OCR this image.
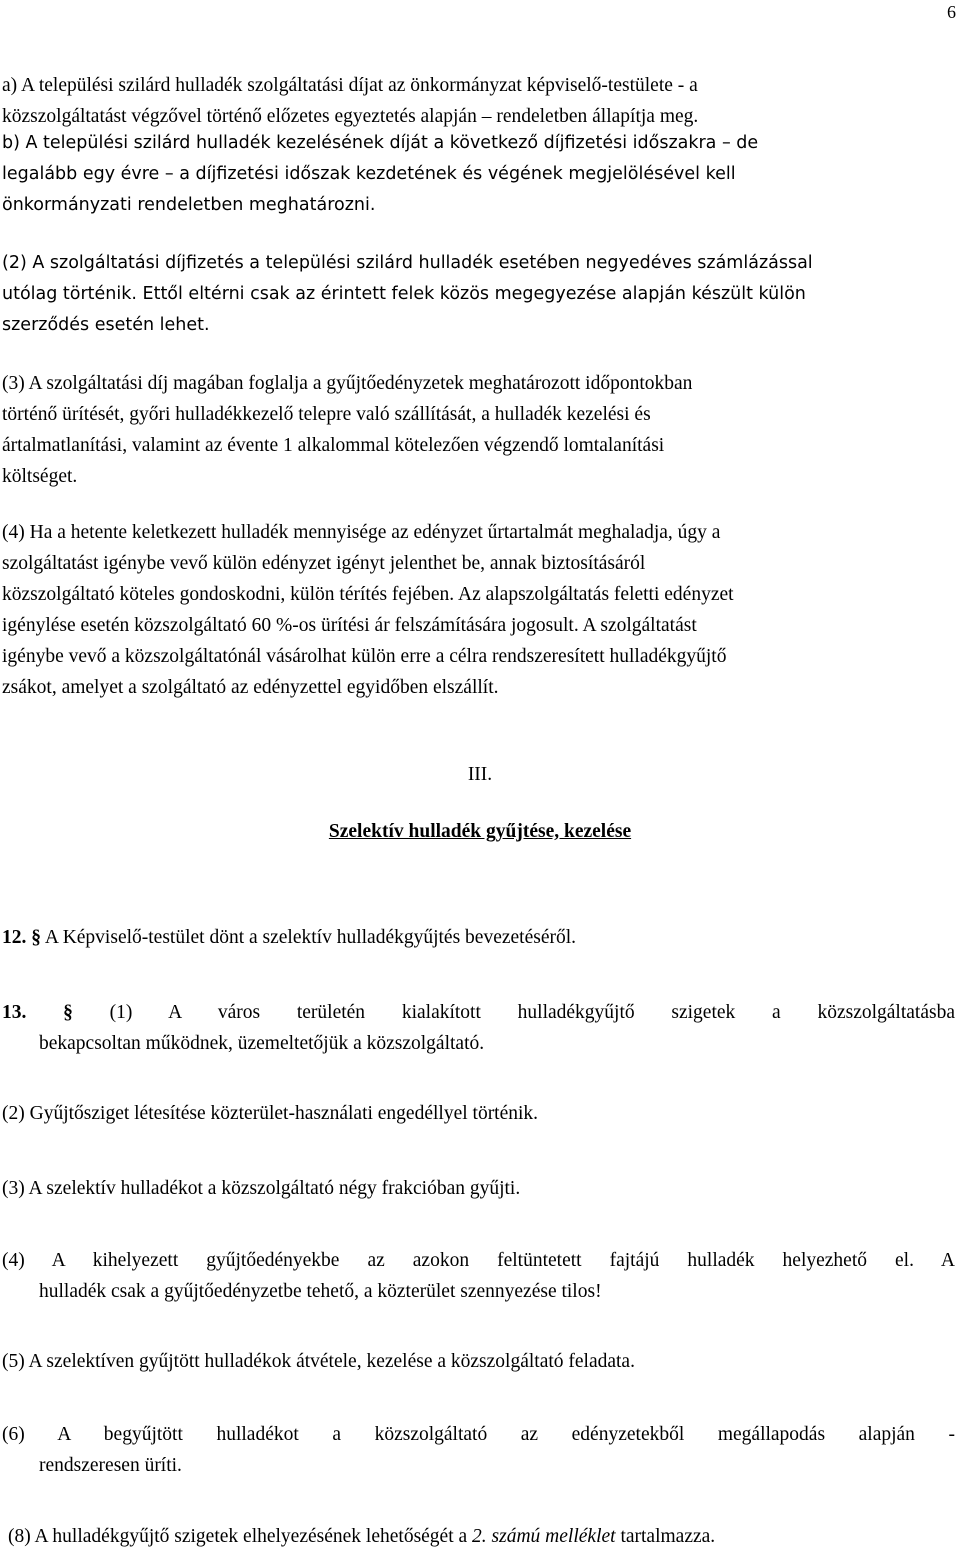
6
a) A települési szilárd hulladék szolgáltatási díjat az önkormányzat képviselő-testülete - a
közszolgáltatást végzővel történő előzetes egyeztetés alapján – rendeletben állapítja meg.
b) A települési szilárd hulladék kezelésének díját a következő díjfizetési időszakra – de
legalább egy évre – a díjfizetési időszak kezdetének és végének megjelölésével kell
önkormányzati rendeletben meghatározni.
(2) A szolgáltatási díjfizetés a települési szilárd hulladék esetében negyedéves számlázással
utólag történik. Ettől eltérni csak az érintett felek közös megegyezése alapján készült külön
szerződés esetén lehet.
(3) A szolgáltatási díj magában foglalja a gyűjtőedényzetek meghatározott időpontokban
történő ürítését, győri hulladékkezelő telepre való szállítását, a hulladék kezelési és
ártalmatlanítási, valamint az évente 1 alkalommal kötelezően végzendő lomtalanítási
költséget.
(4) Ha a hetente keletkezett hulladék mennyisége az edényzet űrtartalmát meghaladja, úgy a
szolgáltatást igénybe vevő külön edényzet igényt jelenthet be, annak biztosításáról
közszolgáltató köteles gondoskodni, külön térítés fejében. Az alapszolgáltatás feletti edényzet
igénylése esetén közszolgáltató 60 %-os ürítési ár felszámítására jogosult. A szolgáltatást
igénybe vevő a közszolgáltatónál vásárolhat külön erre a célra rendszeresített hulladékgyűjtő
zsákot, amelyet a szolgáltató az edényzettel egyidőben elszállít.
III.
Szelektív hulladék gyűjtése, kezelése
12. § A Képviselő-testület dönt a szelektív hulladékgyűjtés bevezetéséről.
13. § (1) A város területén kialakított hulladékgyűjtő szigetek a közszolgáltatásba
bekapcsoltan működnek, üzemeltetőjük a közszolgáltató.
(2) Gyűjtősziget létesítése közterület-használati engedéllyel történik.
(3) A szelektív hulladékot a közszolgáltató négy frakcióban gyűjti.
(4) A kihelyezett gyűjtőedényekbe az azokon feltüntetett fajtájú hulladék helyezhető el. A
hulladék csak a gyűjtőedényzetbe tehető, a közterület szennyezése tilos!
(5) A szelektíven gyűjtött hulladékok átvétele, kezelése a közszolgáltató feladata.
(6) A begyűjtött hulladékot a közszolgáltató az edényzetekből megállapodás alapján -
rendszeresen üríti.
(8) A hulladékgyűjtő szigetek elhelyezésének lehetőségét a 2. számú melléklet tartalmazza.
